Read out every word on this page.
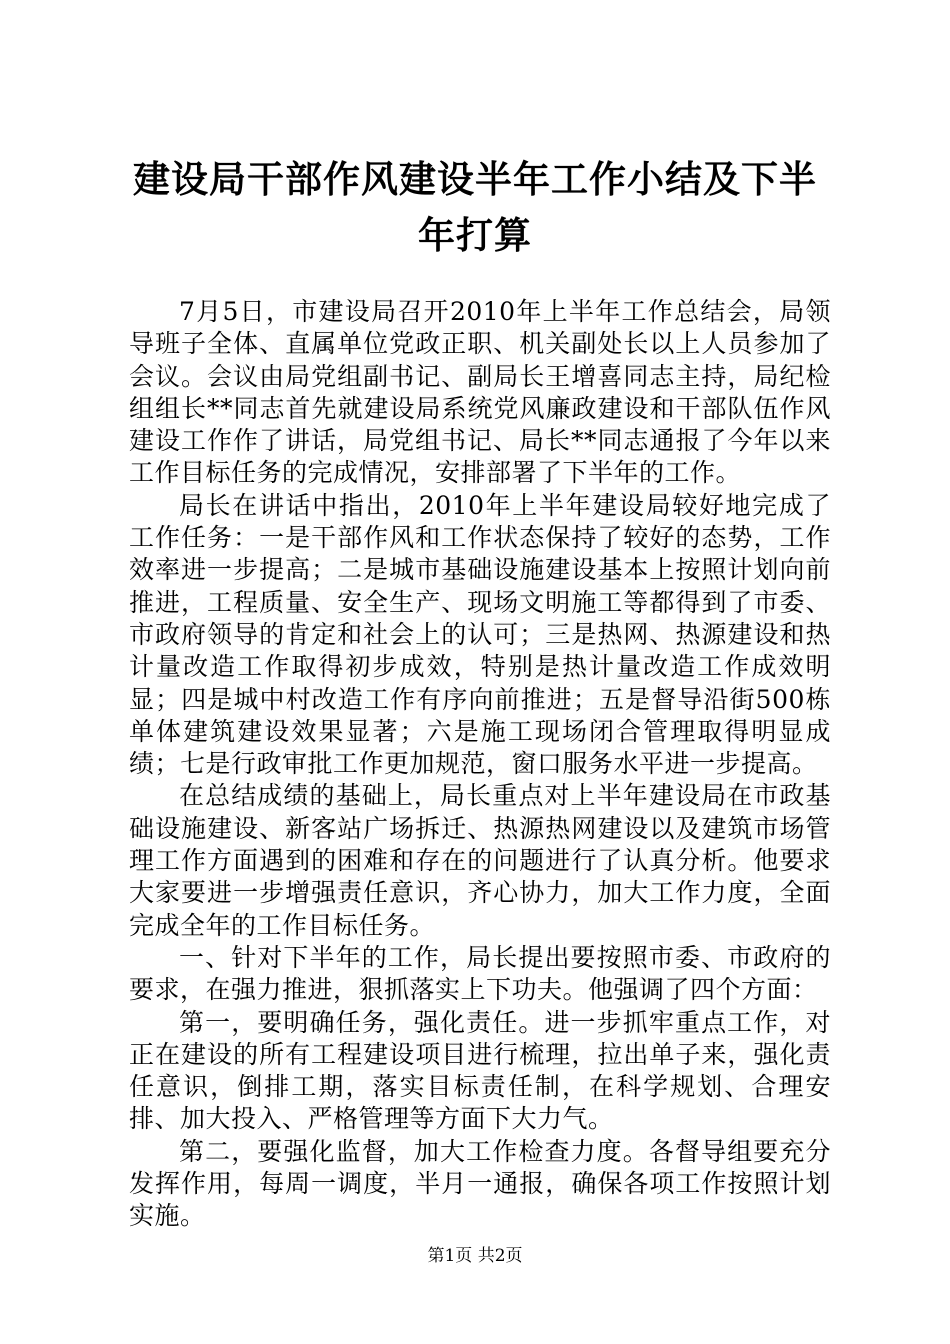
建设局干部作风建设半年工作小结及下半年打算

7月5日，市建设局召开2010年上半年工作总结会，局领导班子全体、直属单位党政正职、机关副处长以上人员参加了会议。会议由局党组副书记、副局长王增喜同志主持，局纪检组组长**同志首先就建设局系统党风廉政建设和干部队伍作风建设工作作了讲话，局党组书记、局长**同志通报了今年以来工作目标任务的完成情况，安排部署了下半年的工作。

局长在讲话中指出，2010年上半年建设局较好地完成了工作任务：一是干部作风和工作状态保持了较好的态势，工作效率进一步提高；二是城市基础设施建设基本上按照计划向前推进，工程质量、安全生产、现场文明施工等都得到了市委、市政府领导的肯定和社会上的认可；三是热网、热源建设和热计量改造工作取得初步成效，特别是热计量改造工作成效明显；四是城中村改造工作有序向前推进；五是督导沿街500栋单体建筑建设效果显著；六是施工现场闭合管理取得明显成绩；七是行政审批工作更加规范，窗口服务水平进一步提高。

在总结成绩的基础上，局长重点对上半年建设局在市政基础设施建设、新客站广场拆迁、热源热网建设以及建筑市场管理工作方面遇到的困难和存在的问题进行了认真分析。他要求大家要进一步增强责任意识，齐心协力，加大工作力度，全面完成全年的工作目标任务。

一、针对下半年的工作，局长提出要按照市委、市政府的要求，在强力推进，狠抓落实上下功夫。他强调了四个方面：

第一，要明确任务，强化责任。进一步抓牢重点工作，对正在建设的所有工程建设项目进行梳理，拉出单子来，强化责任意识，倒排工期，落实目标责任制，在科学规划、合理安排、加大投入、严格管理等方面下大力气。

第二，要强化监督，加大工作检查力度。各督导组要充分发挥作用，每周一调度，半月一通报，确保各项工作按照计划实施。

第1页 共2页
